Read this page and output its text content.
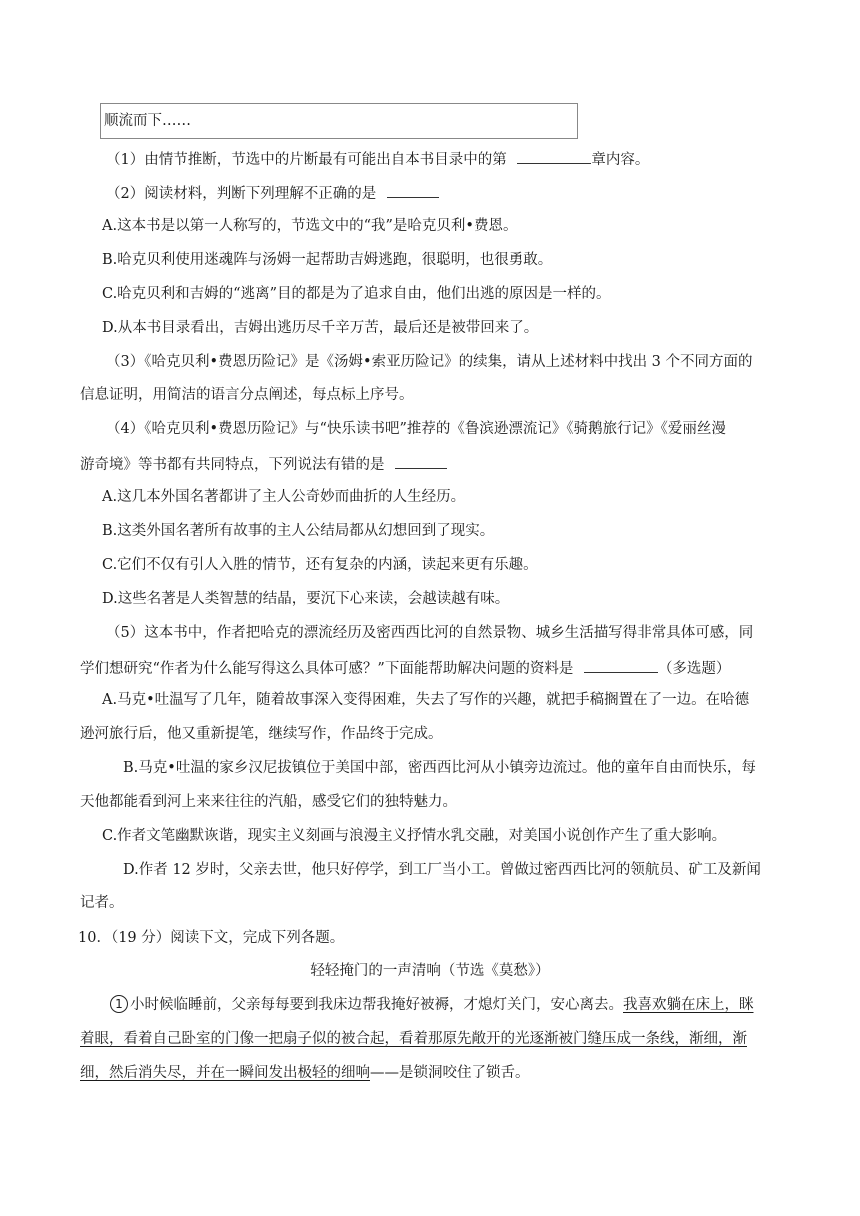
顺流而下……
（1）由情节推断，节选中的片断最有可能出自本书目录中的第	章内容。
（2）阅读材料，判断下列理解不正确的是
A.这本书是以第一人称写的，节选文中的“我”是哈克贝利•费恩。
B.哈克贝利使用迷魂阵与汤姆一起帮助吉姆逃跑，很聪明，也很勇敢。
C.哈克贝利和吉姆的“逃离”目的都是为了追求自由，他们出逃的原因是一样的。
D.从本书目录看出，吉姆出逃历尽千辛万苦，最后还是被带回来了。
（3）《哈克贝利•费恩历险记》是《汤姆•索亚历险记》的续集，请从上述材料中找出 3 个不同方面的
信息证明，用简洁的语言分点阐述，每点标上序号。
（4）《哈克贝利•费恩历险记》与“快乐读书吧”推荐的《鲁滨逊漂流记》《骑鹅旅行记》《爱丽丝漫
游奇境》等书都有共同特点，下列说法有错的是
A.这几本外国名著都讲了主人公奇妙而曲折的人生经历。
B.这类外国名著所有故事的主人公结局都从幻想回到了现实。
C.它们不仅有引人入胜的情节，还有复杂的内涵，读起来更有乐趣。
D.这些名著是人类智慧的结晶，要沉下心来读，会越读越有味。
（5）这本书中，作者把哈克的漂流经历及密西西比河的自然景物、城乡生活描写得非常具体可感，同
学们想研究“作者为什么能写得这么具体可感？”下面能帮助解决问题的资料是	（多选题）
A.马克•吐温写了几年，随着故事深入变得困难，失去了写作的兴趣，就把手稿搁置在了一边。在哈德
逊河旅行后，他又重新提笔，继续写作，作品终于完成。
B.马克•吐温的家乡汉尼拔镇位于美国中部，密西西比河从小镇旁边流过。他的童年自由而快乐，每
天他都能看到河上来来往往的汽船，感受它们的独特魅力。
C.作者文笔幽默诙谐，现实主义刻画与浪漫主义抒情水乳交融，对美国小说创作产生了重大影响。
D.作者 12 岁时，父亲去世，他只好停学，到工厂当小工。曾做过密西西比河的领航员、矿工及新闻
记者。
10．（19 分）阅读下文，完成下列各题。
轻轻掩门的一声清响（节选《莫愁》）
1 小时候临睡前，父亲每每要到我床边帮我掩好被褥，才熄灯关门，安心离去。我喜欢躺在床上，眯
着眼，看着自己卧室的门像一把扇子似的被合起，看着那原先敞开的光逐渐被门缝压成一条线，渐细，渐
细，然后消失尽，并在一瞬间发出极轻的细响——是锁洞咬住了锁舌。
